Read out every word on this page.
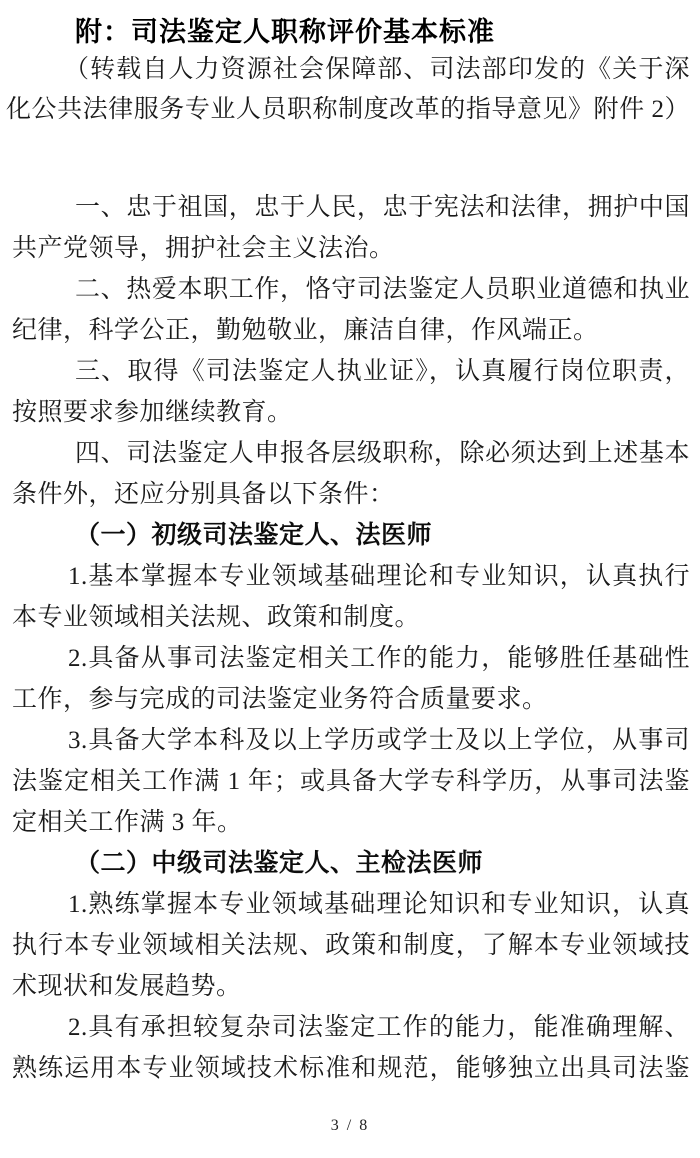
附：司法鉴定人职称评价基本标准
（转载自人力资源社会保障部、司法部印发的《关于深
化公共法律服务专业人员职称制度改革的指导意见》附件 2）
一、忠于祖国，忠于人民，忠于宪法和法律，拥护中国
共产党领导，拥护社会主义法治。
二、热爱本职工作，恪守司法鉴定人员职业道德和执业
纪律，科学公正，勤勉敬业，廉洁自律，作风端正。
三、取得《司法鉴定人执业证》，认真履行岗位职责，
按照要求参加继续教育。
四、司法鉴定人申报各层级职称，除必须达到上述基本
条件外，还应分别具备以下条件：
（一）初级司法鉴定人、法医师
1.基本掌握本专业领域基础理论和专业知识，认真执行
本专业领域相关法规、政策和制度。
2.具备从事司法鉴定相关工作的能力，能够胜任基础性
工作，参与完成的司法鉴定业务符合质量要求。
3.具备大学本科及以上学历或学士及以上学位，从事司
法鉴定相关工作满 1 年；或具备大学专科学历，从事司法鉴
定相关工作满 3 年。
（二）中级司法鉴定人、主检法医师
1.熟练掌握本专业领域基础理论知识和专业知识，认真
执行本专业领域相关法规、政策和制度，了解本专业领域技
术现状和发展趋势。
2.具有承担较复杂司法鉴定工作的能力，能准确理解、
熟练运用本专业领域技术标准和规范，能够独立出具司法鉴
3 / 8
